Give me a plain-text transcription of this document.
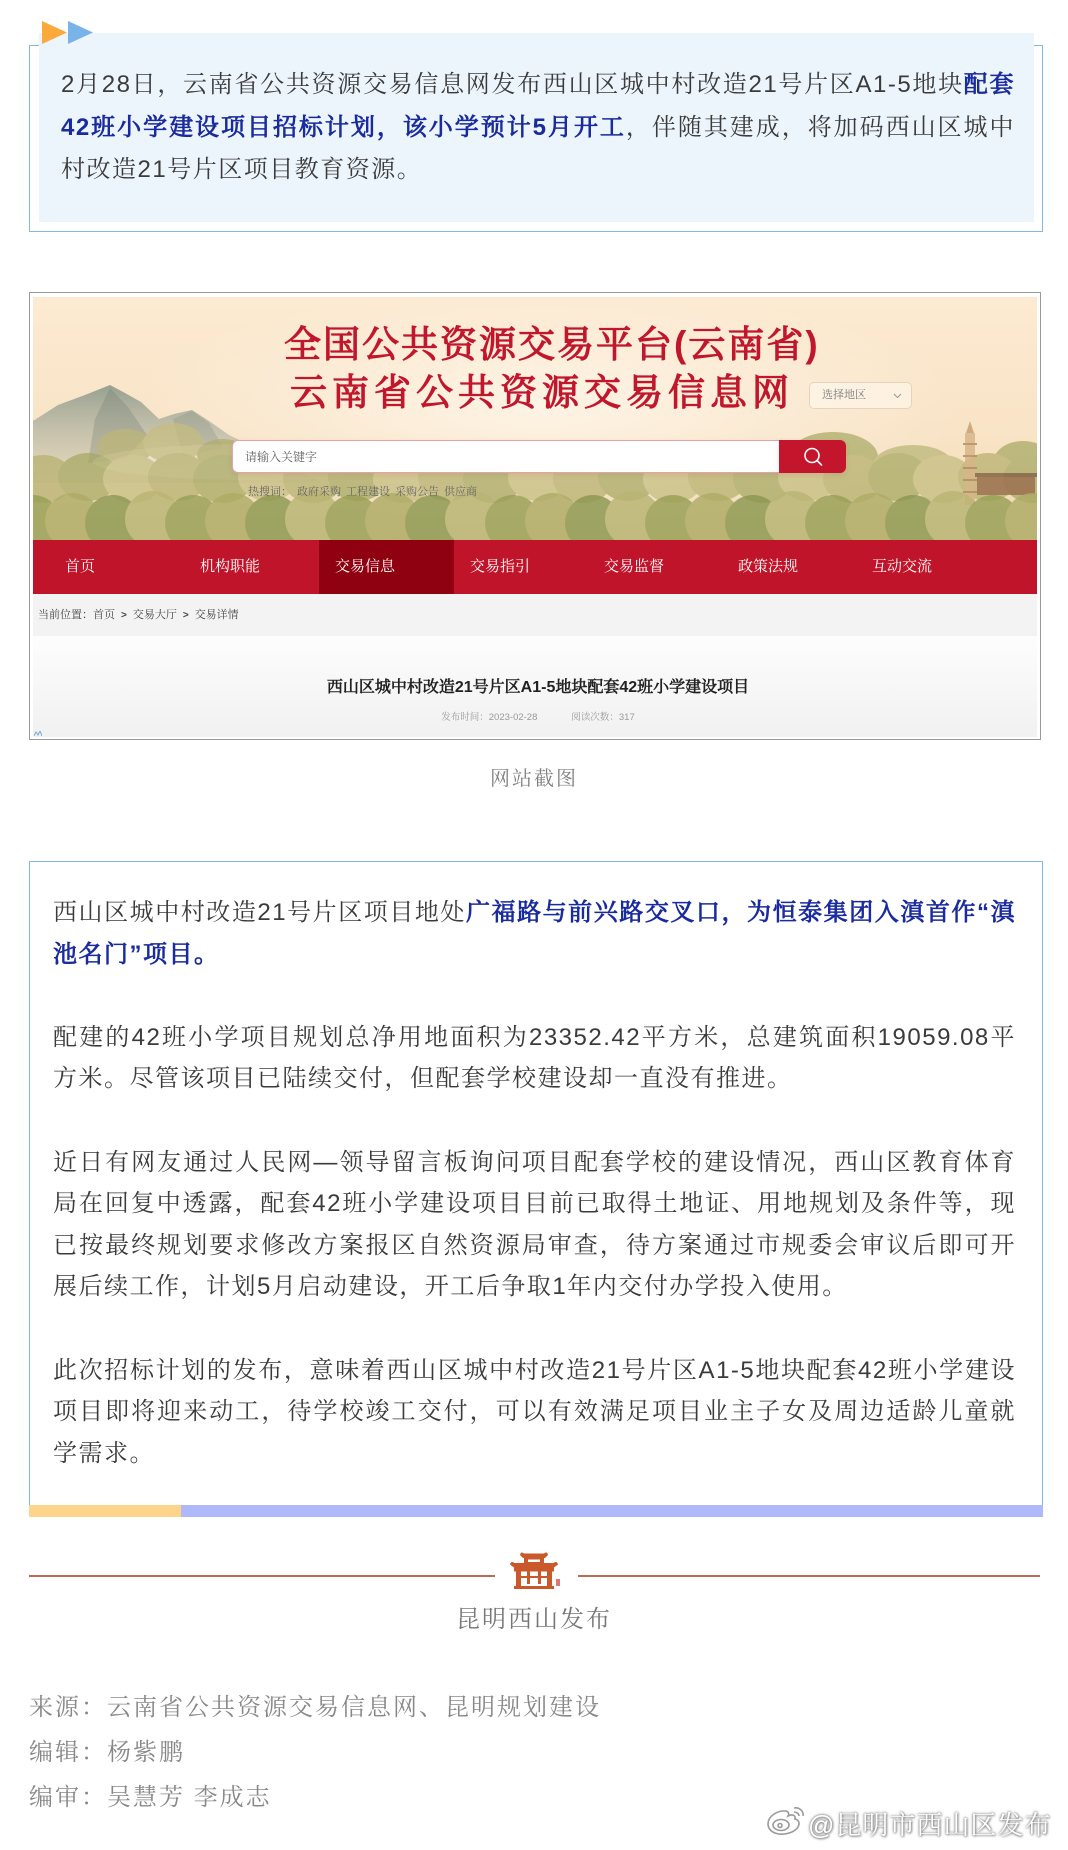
2月28日，云南省公共资源交易信息网发布西山区城中村改造21号片区A1-5地块配套42班小学建设项目招标计划，该小学预计5月开工，伴随其建成，将加码西山区城中村改造21号片区项目教育资源。
全国公共资源交易平台(云南省)
云南省公共资源交易信息网	选择地区
请输入关键字
热搜词： 政府采购 工程建设 采购公告 供应商
首页	机构职能	交易信息	交易指引	交易监督	政策法规	互动交流
当前位置：首页 > 交易大厅 > 交易详情
西山区城中村改造21号片区A1-5地块配套42班小学建设项目
发布时间：2023-02-28	阅读次数：317
网站截图

西山区城中村改造21号片区项目地处广福路与前兴路交叉口，为恒泰集团入滇首作“滇池名门”项目。

配建的42班小学项目规划总净用地面积为23352.42平方米，总建筑面积19059.08平方米。尽管该项目已陆续交付，但配套学校建设却一直没有推进。

近日有网友通过人民网—领导留言板询问项目配套学校的建设情况，西山区教育体育局在回复中透露，配套42班小学建设项目目前已取得土地证、用地规划及条件等，现已按最终规划要求修改方案报区自然资源局审查，待方案通过市规委会审议后即可开展后续工作，计划5月启动建设，开工后争取1年内交付办学投入使用。

此次招标计划的发布，意味着西山区城中村改造21号片区A1-5地块配套42班小学建设项目即将迎来动工，待学校竣工交付，可以有效满足项目业主子女及周边适龄儿童就学需求。

昆明西山发布
来源：云南省公共资源交易信息网、昆明规划建设
编辑：杨紫鹏
编审：吴慧芳 李成志
@昆明市西山区发布
